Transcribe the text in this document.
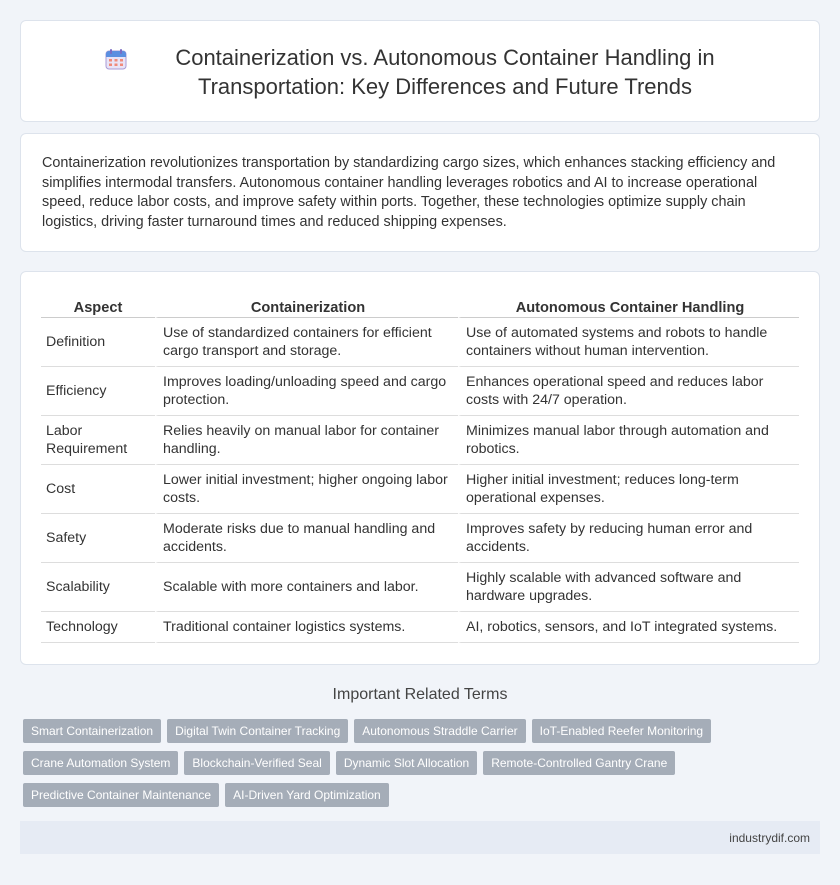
Containerization vs. Autonomous Container Handling in Transportation: Key Differences and Future Trends

Containerization revolutionizes transportation by standardizing cargo sizes, which enhances stacking efficiency and simplifies intermodal transfers. Autonomous container handling leverages robotics and AI to increase operational speed, reduce labor costs, and improve safety within ports. Together, these technologies optimize supply chain logistics, driving faster turnaround times and reduced shipping expenses.

Aspect	Containerization	Autonomous Container Handling
Definition	Use of standardized containers for efficient cargo transport and storage.	Use of automated systems and robots to handle containers without human intervention.
Efficiency	Improves loading/unloading speed and cargo protection.	Enhances operational speed and reduces labor costs with 24/7 operation.
Labor Requirement	Relies heavily on manual labor for container handling.	Minimizes manual labor through automation and robotics.
Cost	Lower initial investment; higher ongoing labor costs.	Higher initial investment; reduces long-term operational expenses.
Safety	Moderate risks due to manual handling and accidents.	Improves safety by reducing human error and accidents.
Scalability	Scalable with more containers and labor.	Highly scalable with advanced software and hardware upgrades.
Technology	Traditional container logistics systems.	AI, robotics, sensors, and IoT integrated systems.
Important Related Terms
Smart Containerization	Digital Twin Container Tracking	Autonomous Straddle Carrier	IoT-Enabled Reefer Monitoring
Crane Automation System	Blockchain-Verified Seal	Dynamic Slot Allocation	Remote-Controlled Gantry Crane
Predictive Container Maintenance	AI-Driven Yard Optimization
industrydif.com
